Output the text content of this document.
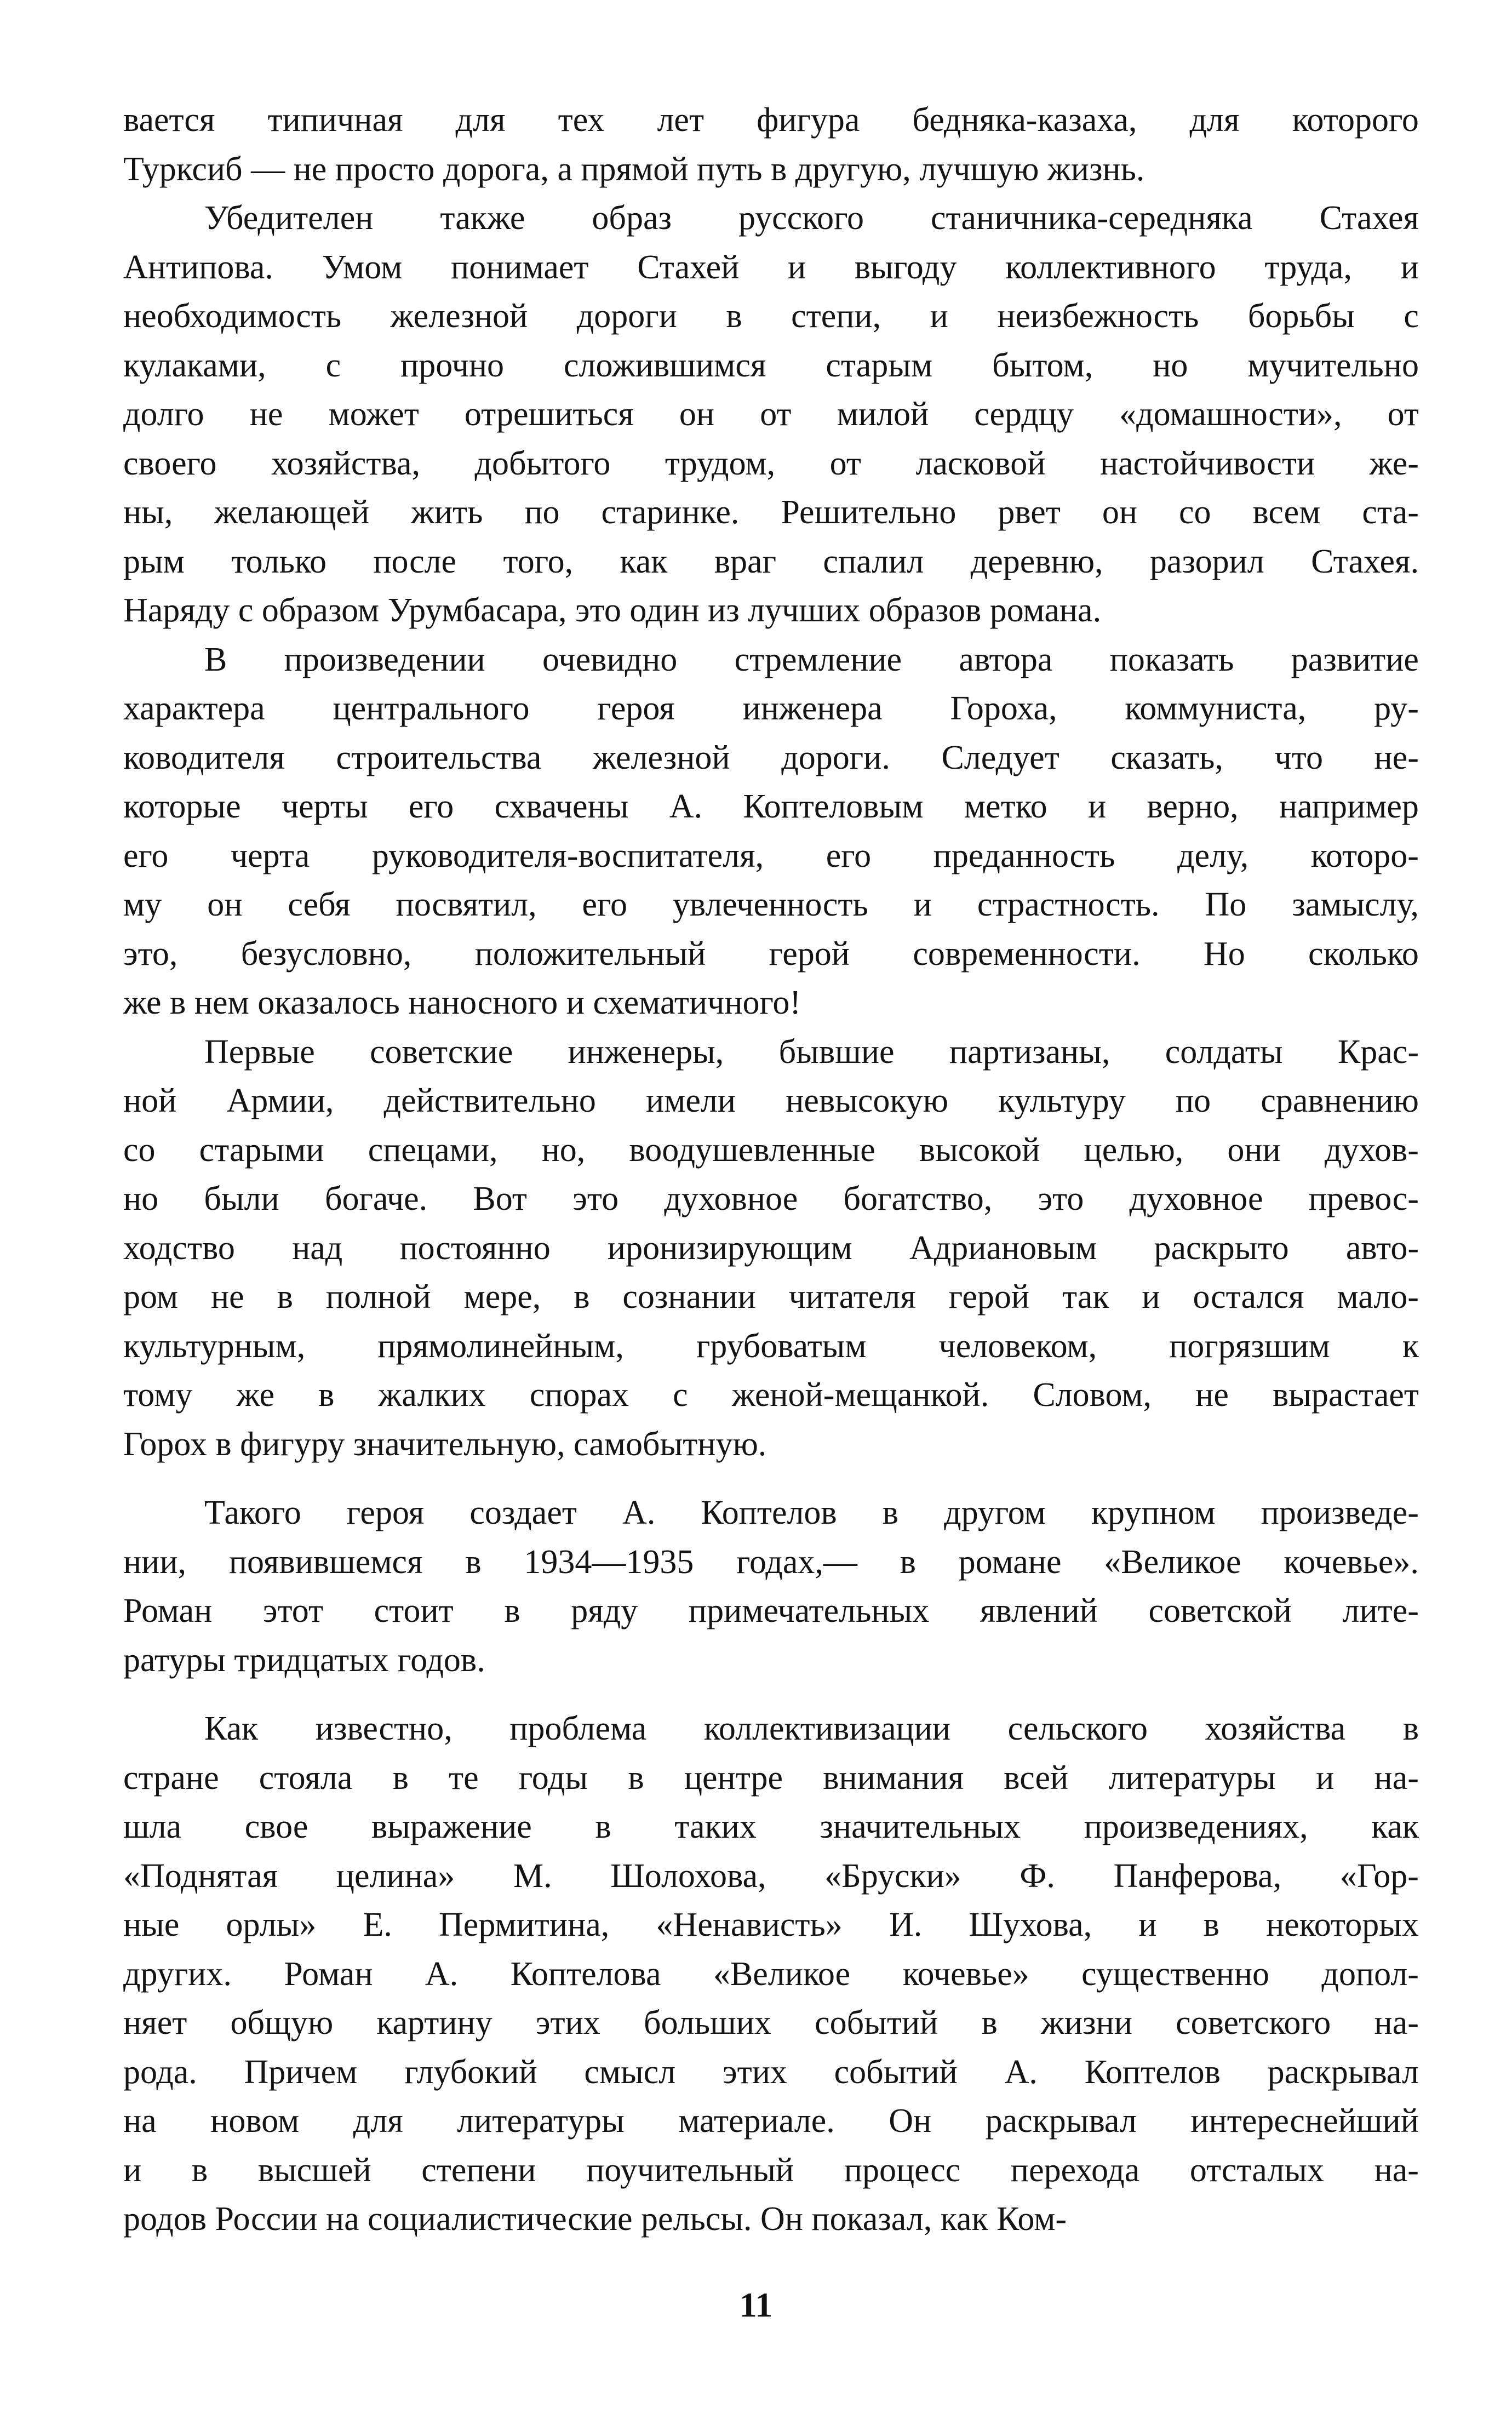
вается типичная для тех лет фигура бедняка-казаха, для которого
Турксиб — не просто дорога, а прямой путь в другую, лучшую жизнь.
Убедителен также образ русского станичника-середняка Стахея
Антипова. Умом понимает Стахей и выгоду коллективного труда, и
необходимость железной дороги в степи, и неизбежность борьбы с
кулаками, с прочно сложившимся старым бытом, но мучительно
долго не может отрешиться он от милой сердцу «домашности», от
своего хозяйства, добытого трудом, от ласковой настойчивости же-
ны, желающей жить по старинке. Решительно рвет он со всем ста-
рым только после того, как враг спалил деревню, разорил Стахея.
Наряду с образом Урумбасара, это один из лучших образов романа.
В произведении очевидно стремление автора показать развитие
характера центрального героя инженера Гороха, коммуниста, ру-
ководителя строительства железной дороги. Следует сказать, что не-
которые черты его схвачены А. Коптеловым метко и верно, например
его черта руководителя-воспитателя, его преданность делу, которо-
му он себя посвятил, его увлеченность и страстность. По замыслу,
это, безусловно, положительный герой современности. Но сколько
же в нем оказалось наносного и схематичного!
Первые советские инженеры, бывшие партизаны, солдаты Крас-
ной Армии, действительно имели невысокую культуру по сравнению
со старыми спецами, но, воодушевленные высокой целью, они духов-
но были богаче. Вот это духовное богатство, это духовное превос-
ходство над постоянно иронизирующим Адриановым раскрыто авто-
ром не в полной мере, в сознании читателя герой так и остался мало-
культурным, прямолинейным, грубоватым человеком, погрязшим к
тому же в жалких спорах с женой-мещанкой. Словом, не вырастает
Горох в фигуру значительную, самобытную.
Такого героя создает А. Коптелов в другом крупном произведе-
нии, появившемся в 1934—1935 годах,— в романе «Великое кочевье».
Роман этот стоит в ряду примечательных явлений советской лите-
ратуры тридцатых годов.
Как известно, проблема коллективизации сельского хозяйства в
стране стояла в те годы в центре внимания всей литературы и на-
шла свое выражение в таких значительных произведениях, как
«Поднятая целина» М. Шолохова, «Бруски» Ф. Панферова, «Гор-
ные орлы» Е. Пермитина, «Ненависть» И. Шухова, и в некоторых
других. Роман А. Коптелова «Великое кочевье» существенно допол-
няет общую картину этих больших событий в жизни советского на-
рода. Причем глубокий смысл этих событий А. Коптелов раскрывал
на новом для литературы материале. Он раскрывал интереснейший
и в высшей степени поучительный процесс перехода отсталых на-
родов России на социалистические рельсы. Он показал, как Ком-
11
